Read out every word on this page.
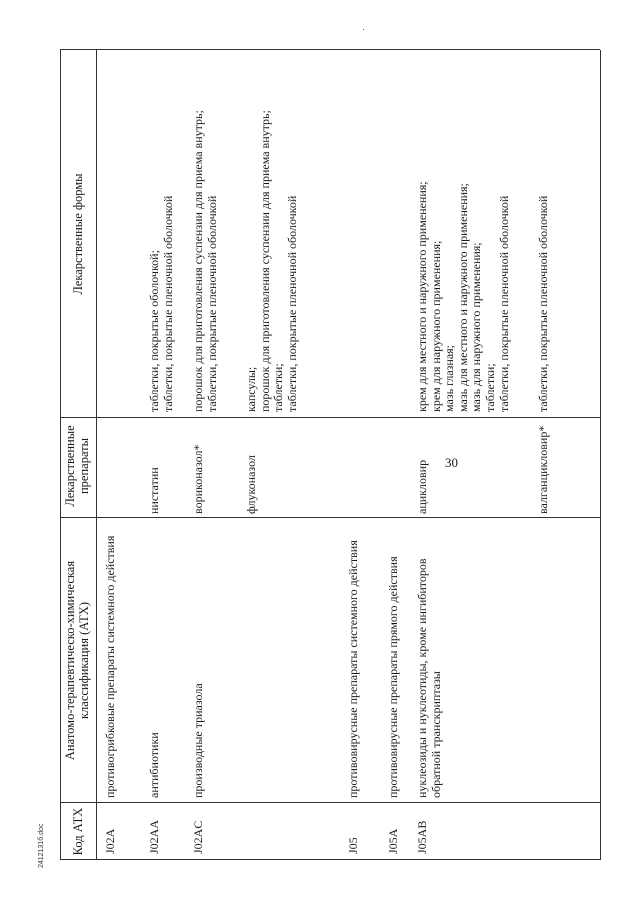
30
Код АТХ
Анатомо-терапевтическо-химическая классификация (АТХ)
Лекарственные препараты
Лекарственные формы
J02A
противогрибковые препараты системного действия
J02AA
антибиотики
нистатин
таблетки, покрытые оболочкой; таблетки, покрытые пленочной оболочкой
J02AC
производные триазола
вориконазол*
порошок для приготовления суспензии для приема внутрь; таблетки, покрытые пленочной оболочкой
флуконазол
капсулы; порошок для приготовления суспензии для приема внутрь; таблетки; таблетки, покрытые пленочной оболочкой
J05
противовирусные препараты системного действия
J05A
противовирусные препараты прямого действия
J05AB
нуклеозиды и нуклеотиды, кроме ингибиторов обратной транскриптазы
ацикловир
крем для местного и наружного применения; крем для наружного применения; мазь глазная; мазь для местного и наружного применения; мазь для наружного применения; таблетки; таблетки, покрытые пленочной оболочкой
валганцикловир*
таблетки, покрытые пленочной оболочкой
2412131б.doc
